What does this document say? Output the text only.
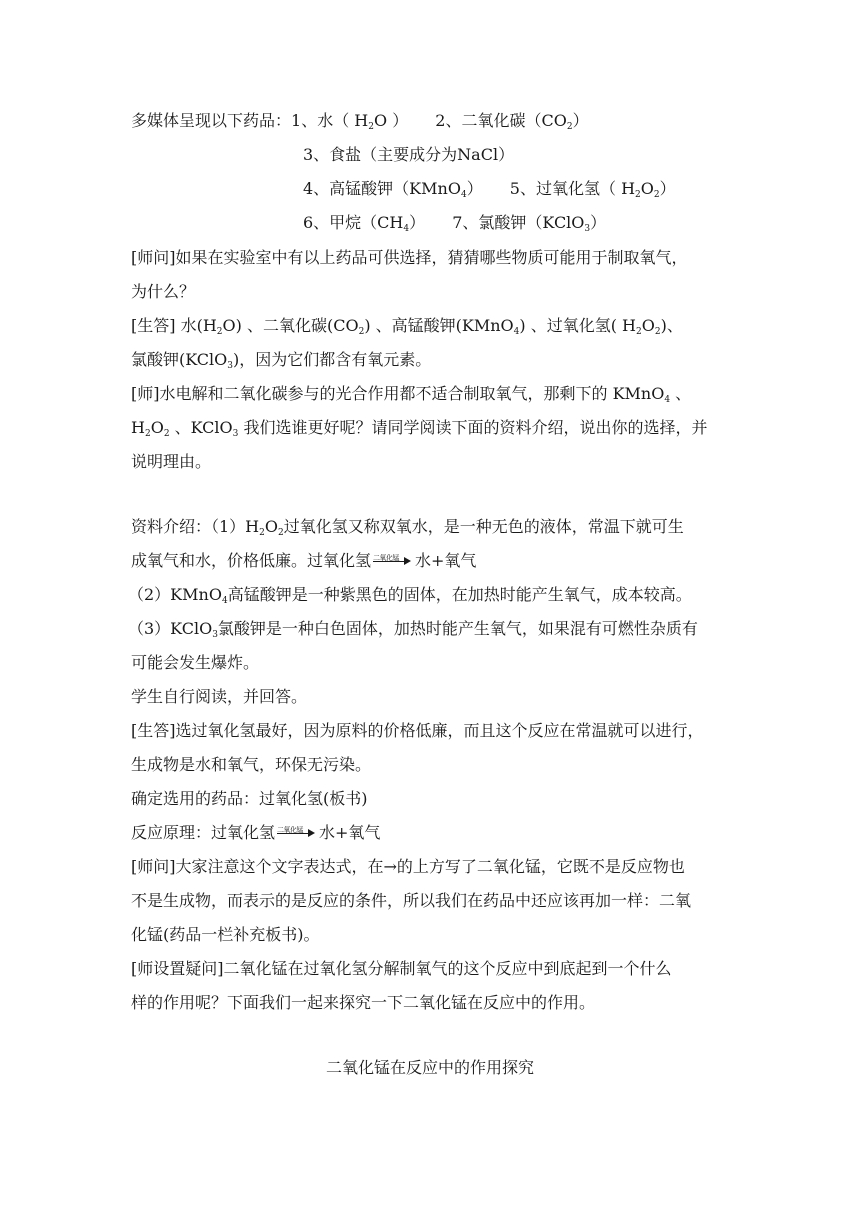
多媒体呈现以下药品：1、水（ $H_2O$ ） 2、二氧化碳$(CO_2)$
3、食盐（主要成分为NaCl）
4、高锰酸钾（KMnO$_4$） 5、过氧化氢（ $H_2O_2$）
6、甲烷$(CH_4)$ 7、氯酸钾（KClO$_3$）
[师问]如果在实验室中有以上药品可供选择，猜猜哪些物质可能用于制取氧气，
为什么？
[生答] 水$(H_2O)$ 、二氧化碳$(CO_2)$ 、高锰酸钾(KMnO$_4$) 、过氧化氢( $H_2O_2$)、
氯酸钾(KClO$_3$)，因为它们都含有氧元素。
[师]水电解和二氧化碳参与的光合作用都不适合制取氧气，那剩下的 KMnO$_4$ 、
$H_2O_2$ 、KClO$_3$ 我们选谁更好呢？请同学阅读下面的资料介绍，说出你的选择，并
说明理由。
资料介绍：$(1)H_2O_2$过氧化氢又称双氧水，是一种无色的液体，常温下就可生
成氧气和水，价格低廉。过氧化氢 二氧化锰 水+氧气
（2）KMnO$_4$高锰酸钾是一种紫黑色的固体，在加热时能产生氧气，成本较高。
（3）KClO$_3$氯酸钾是一种白色固体，加热时能产生氧气，如果混有可燃性杂质有
可能会发生爆炸。
学生自行阅读，并回答。
[生答]选过氧化氢最好，因为原料的价格低廉，而且这个反应在常温就可以进行，
生成物是水和氧气，环保无污染。
确定选用的药品：过氧化氢(板书)
反应原理：过氧化氢 二氧化锰 水+氧气
[师问]大家注意这个文字表达式，在→的上方写了二氧化锰，它既不是反应物也
不是生成物，而表示的是反应的条件，所以我们在药品中还应该再加一样：二氧
化锰(药品一栏补充板书)。
[师设置疑问]二氧化锰在过氧化氢分解制氧气的这个反应中到底起到一个什么
样的作用呢？下面我们一起来探究一下二氧化锰在反应中的作用。
二氧化锰在反应中的作用探究
